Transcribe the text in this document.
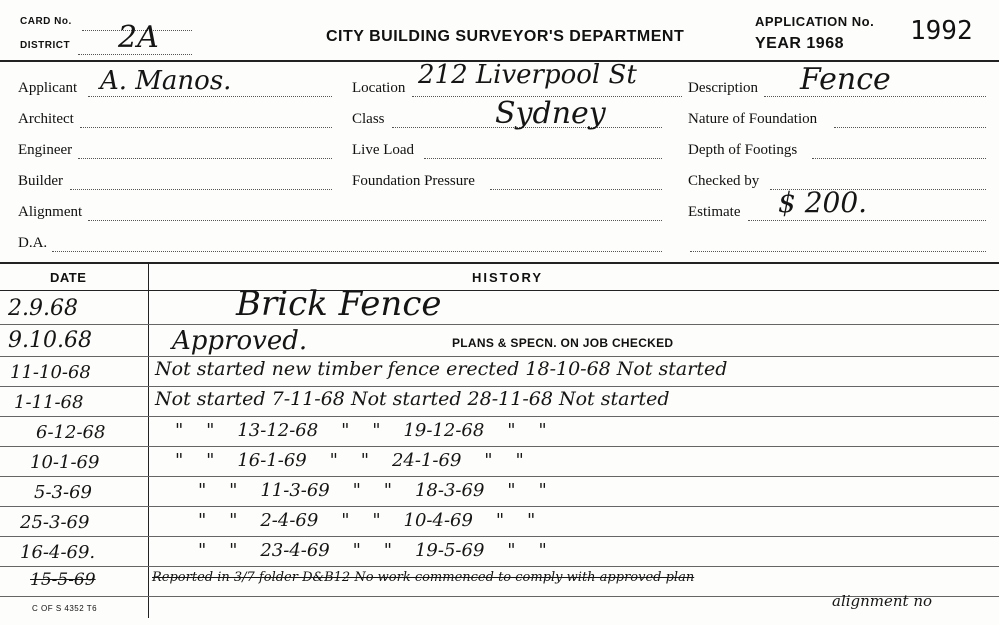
CARD No.
DISTRICT 2A	CITY BUILDING SURVEYOR'S DEPARTMENT
APPLICATION No.
YEAR 1968	1992
Applicant A. Manos.
Architect
Engineer
Builder
Alignment
D.A.
Location 212 Liverpool St
Class	Sydney
Live Load
Foundation Pressure
Description Fence
Nature of Foundation
Depth of Footings
Checked by
Estimate $ 200.
DATE	HISTORY
PLANS & SPECN. ON JOB CHECKED
2.9.68	Brick Fence
9.10.68	Approved.
11-10-68	Not started new timber fence erected 18-10-68 Not started
1-11-68	Not started 7-11-68 Not started 28-11-68 Not started
6-12-68	"    "    13-12-68    "    "    19-12-68    "    "
10-1-69	"    "    16-1-69    "    "    24-1-69    "    "
5-3-69	"    "    11-3-69    "    "    18-3-69    "    "
25-3-69	"    "    2-4-69    "    "    10-4-69    "    "
16-4-69.	"    "    23-4-69    "    "    19-5-69    "    "
15-5-69	Reported in 3/7 folder D&B12 No work commenced to comply with approved plan
alignment no
C OF S 4352 T6
